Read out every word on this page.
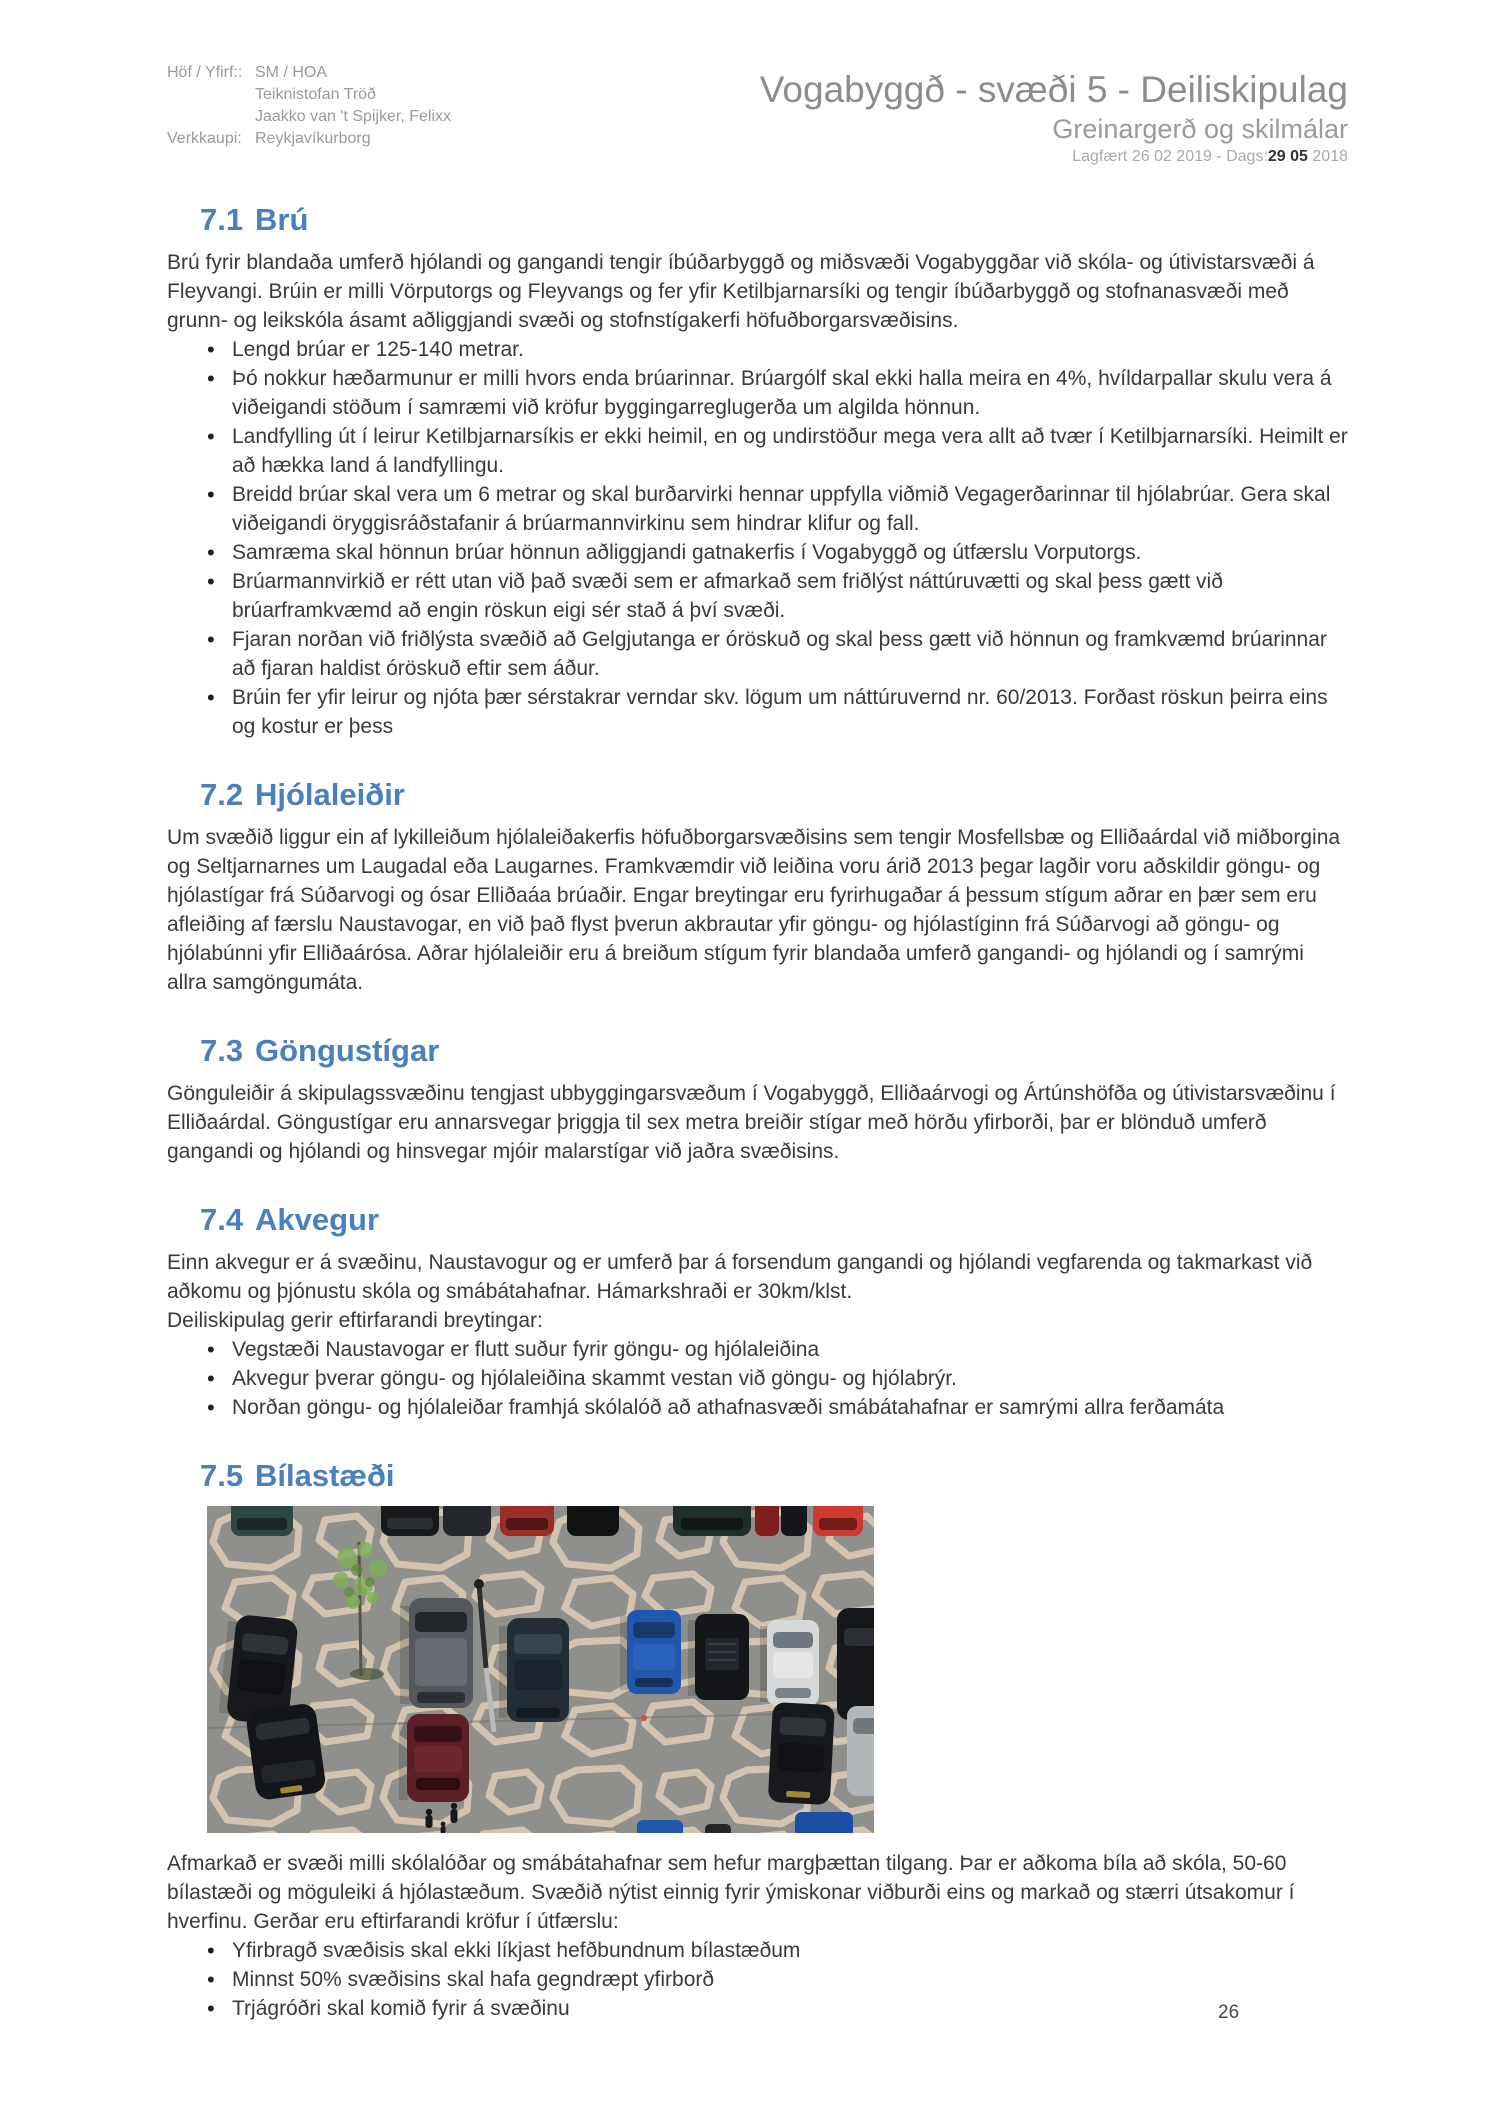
Höf / Yfirf:: SM / HOA
Teiknistofan Tröð
Jaakko van 't Spijker, Felixx
Verkkaupi: Reykjavíkurborg
Vogabyggð - svæði 5 - Deiliskipulag
Greinargerð og skilmálar
Lagfært 26 02 2019 - Dags:29 05 2018
7.1 Brú

Brú fyrir blandaða umferð hjólandi og gangandi tengir íbúðarbyggð og miðsvæði Vogabyggðar við skóla- og útivistarsvæði á Fleyvangi. Brúin er milli Vörputorgs og Fleyvangs og fer yfir Ketilbjarnarsíki og tengir íbúðarbyggð og stofnanasvæði með grunn- og leikskóla ásamt aðliggjandi svæði og stofnstígakerfi höfuðborgarsvæðisins.

• Lengd brúar er 125-140 metrar.
• Þó nokkur hæðarmunur er milli hvors enda brúarinnar. Brúargólf skal ekki halla meira en 4%, hvíldarpallar skulu vera á viðeigandi stöðum í samræmi við kröfur byggingarreglugerða um algilda hönnun.
• Landfylling út í leirur Ketilbjarnarsíkis er ekki heimil, en og undirstöður mega vera allt að tvær í Ketilbjarnarsíki. Heimilt er að hækka land á landfyllingu.
• Breidd brúar skal vera um 6 metrar og skal burðarvirki hennar uppfylla viðmið Vegagerðarinnar til hjólabrúar. Gera skal viðeigandi öryggisráðstafanir á brúarmannvirkinu sem hindrar klifur og fall.
• Samræma skal hönnun brúar hönnun aðliggjandi gatnakerfis í Vogabyggð og útfærslu Vorputorgs.
• Brúarmannvirkið er rétt utan við það svæði sem er afmarkað sem friðlýst náttúruvætti og skal þess gætt við brúarframkvæmd að engin röskun eigi sér stað á því svæði.
• Fjaran norðan við friðlýsta svæðið að Gelgjutanga er óröskuð og skal þess gætt við hönnun og framkvæmd brúarinnar að fjaran haldist óröskuð eftir sem áður.
• Brúin fer yfir leirur og njóta þær sérstakrar verndar skv. lögum um náttúruvernd nr. 60/2013. Forðast röskun þeirra eins og kostur er þess
7.2 Hjólaleiðir

Um svæðið liggur ein af lykilleiðum hjólaleiðakerfis höfuðborgarsvæðisins sem tengir Mosfellsbæ og Elliðaárdal við miðborgina og Seltjarnarnes um Laugadal eða Laugarnes. Framkvæmdir við leiðina voru árið 2013 þegar lagðir voru aðskildir göngu- og hjólastígar frá Súðarvogi og ósar Elliðaáa brúaðir. Engar breytingar eru fyrirhugaðar á þessum stígum aðrar en þær sem eru afleiðing af færslu Naustavogar, en við það flyst þverun akbrautar yfir göngu- og hjólastíginn frá Súðarvogi að göngu- og hjólabúnni yfir Elliðaárósa. Aðrar hjólaleiðir eru á breiðum stígum fyrir blandaða umferð gangandi- og hjólandi og í samrými allra samgöngumáta.

7.3 Göngustígar

Gönguleiðir á skipulagssvæðinu tengjast ubbyggingarsvæðum í Vogabyggð, Elliðaárvogi og Ártúnshöfða og útivistarsvæðinu í Elliðaárdal. Göngustígar eru annarsvegar þriggja til sex metra breiðir stígar með hörðu yfirborði, þar er blönduð umferð gangandi og hjólandi og hinsvegar mjóir malarstígar við jaðra svæðisins.

7.4 Akvegur

Einn akvegur er á svæðinu, Naustavogur og er umferð þar á forsendum gangandi og hjólandi vegfarenda og takmarkast við aðkomu og þjónustu skóla og smábátahafnar. Hámarkshraði er 30km/klst.

Deiliskipulag gerir eftirfarandi breytingar:

• Vegstæði Naustavogar er flutt suður fyrir göngu- og hjólaleiðina
• Akvegur þverar göngu- og hjólaleiðina skammt vestan við göngu- og hjólabrýr.
• Norðan göngu- og hjólaleiðar framhjá skólalóð að athafnasvæði smábátahafnar er samrými allra ferðamáta
7.5 Bílastæði

Afmarkað er svæði milli skólalóðar og smábátahafnar sem hefur margþættan tilgang. Þar er aðkoma bíla að skóla, 50-60 bílastæði og möguleiki á hjólastæðum. Svæðið nýtist einnig fyrir ýmiskonar viðburði eins og markað og stærri útsakomur í hverfinu. Gerðar eru eftirfarandi kröfur í útfærslu:

• Yfirbragð svæðisis skal ekki líkjast hefðbundnum bílastæðum
• Minnst 50% svæðisins skal hafa gegndræpt yfirborð
• Trjágróðri skal komið fyrir á svæðinu	26
